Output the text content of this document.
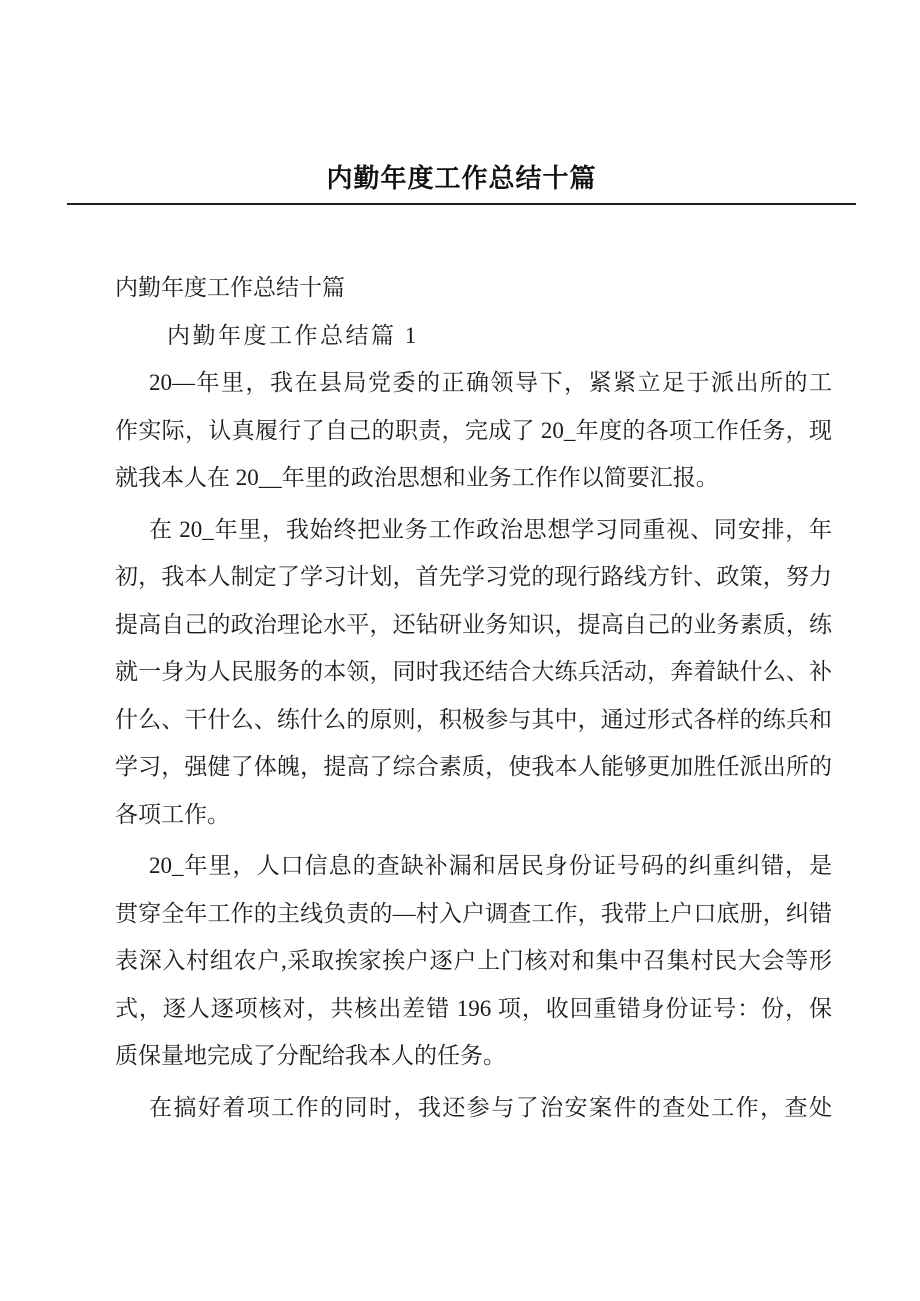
内勤年度工作总结十篇

内勤年度工作总结十篇

内勤年度工作总结篇 1

20—年里，我在县局党委的正确领导下，紧紧立足于派出所的工
作实际，认真履行了自己的职责，完成了 20_年度的各项工作任务，现
就我本人在 20__年里的政治思想和业务工作作以简要汇报。
在 20_年里，我始终把业务工作政治思想学习同重视、同安排，年
初，我本人制定了学习计划，首先学习党的现行路线方针、政策，努力
提高自己的政治理论水平，还钻研业务知识，提高自己的业务素质，练
就一身为人民服务的本领，同时我还结合大练兵活动，奔着缺什么、补
什么、干什么、练什么的原则，积极参与其中，通过形式各样的练兵和
学习，强健了体魄，提高了综合素质，使我本人能够更加胜任派出所的
各项工作。
20_年里，人口信息的查缺补漏和居民身份证号码的纠重纠错，是
贯穿全年工作的主线负责的—村入户调查工作，我带上户口底册，纠错
表深入村组农户,采取挨家挨户逐户上门核对和集中召集村民大会等形
式，逐人逐项核对，共核出差错 196 项，收回重错身份证号：份，保
质保量地完成了分配给我本人的任务。
在搞好着项工作的同时，我还参与了治安案件的查处工作，查处
